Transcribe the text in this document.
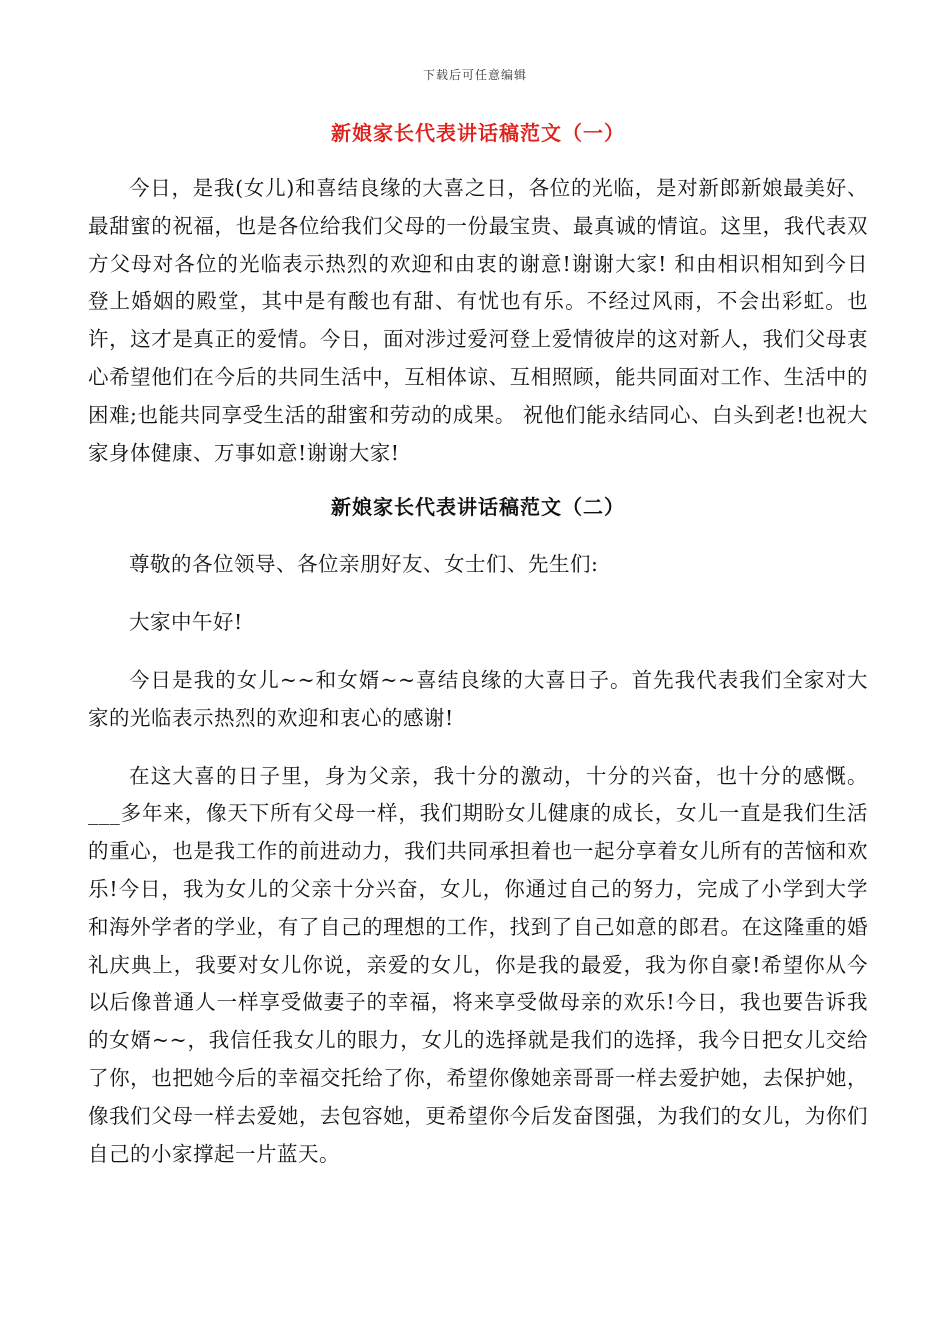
下载后可任意编辑
新娘家长代表讲话稿范文（一）

今日，是我(女儿)和喜结良缘的大喜之日，各位的光临，是对新郎新娘最美好、最甜蜜的祝福，也是各位给我们父母的一份最宝贵、最真诚的情谊。这里，我代表双方父母对各位的光临表示热烈的欢迎和由衷的谢意!谢谢大家! 和由相识相知到今日登上婚姻的殿堂，其中是有酸也有甜、有忧也有乐。不经过风雨，不会出彩虹。也许，这才是真正的爱情。今日，面对涉过爱河登上爱情彼岸的这对新人，我们父母衷心希望他们在今后的共同生活中，互相体谅、互相照顾，能共同面对工作、生活中的困难;也能共同享受生活的甜蜜和劳动的成果。 祝他们能永结同心、白头到老!也祝大家身体健康、万事如意!谢谢大家!

新娘家长代表讲话稿范文（二）

尊敬的各位领导、各位亲朋好友、女士们、先生们:

大家中午好!

今日是我的女儿~~和女婿~~喜结良缘的大喜日子。首先我代表我们全家对大家的光临表示热烈的欢迎和衷心的感谢!

在这大喜的日子里，身为父亲，我十分的激动，十分的兴奋，也十分的感慨。___多年来，像天下所有父母一样，我们期盼女儿健康的成长，女儿一直是我们生活的重心，也是我工作的前进动力，我们共同承担着也一起分享着女儿所有的苦恼和欢乐!今日，我为女儿的父亲十分兴奋，女儿，你通过自己的努力，完成了小学到大学和海外学者的学业，有了自己的理想的工作，找到了自己如意的郎君。在这隆重的婚礼庆典上，我要对女儿你说，亲爱的女儿，你是我的最爱，我为你自豪!希望你从今以后像普通人一样享受做妻子的幸福，将来享受做母亲的欢乐!今日，我也要告诉我的女婿~~，我信任我女儿的眼力，女儿的选择就是我们的选择，我今日把女儿交给了你，也把她今后的幸福交托给了你，希望你像她亲哥哥一样去爱护她，去保护她，像我们父母一样去爱她，去包容她，更希望你今后发奋图强，为我们的女儿，为你们自己的小家撑起一片蓝天。
